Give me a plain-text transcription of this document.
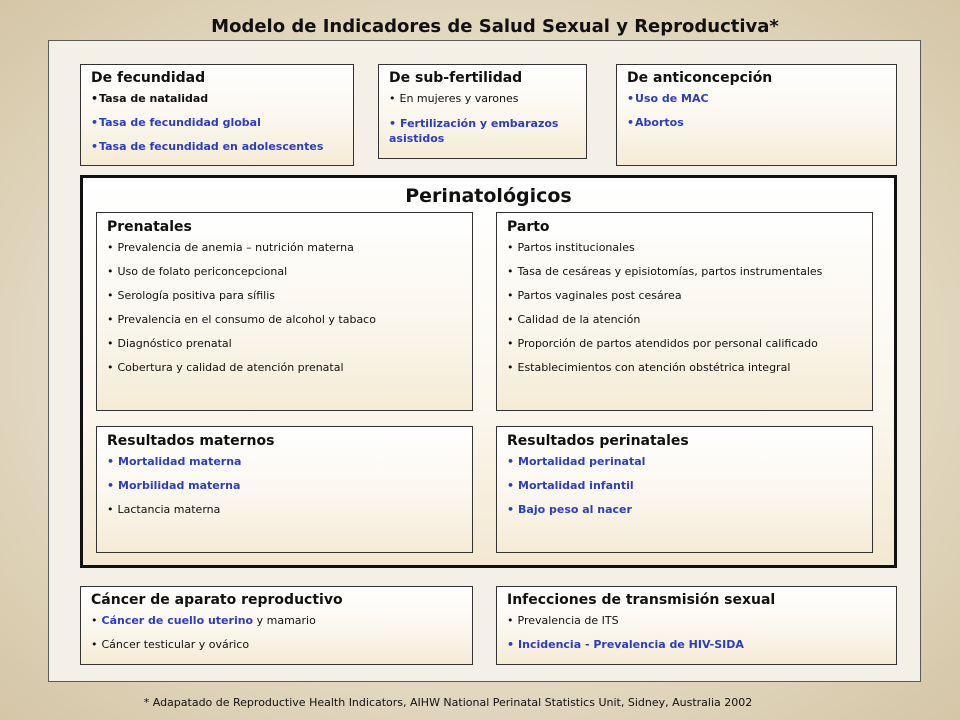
Modelo de Indicadores de Salud Sexual y Reproductiva*
De fecundidad
• Tasa de natalidad
• Tasa de fecundidad global
• Tasa de fecundidad en adolescentes
De sub-fertilidad
• En mujeres y varones
• Fertilización y embarazos asistidos
De anticoncepción
• Uso de MAC
• Abortos
Perinatológicos
Prenatales
• Prevalencia de anemia – nutrición materna
• Uso de folato periconcepcional
• Serología positiva para sífilis
• Prevalencia en el consumo de alcohol y tabaco
• Diagnóstico prenatal
• Cobertura y calidad de atención prenatal
Parto
• Partos institucionales
• Tasa de cesáreas y episiotomías, partos instrumentales
• Partos vaginales post cesárea
• Calidad de la atención
• Proporción de partos atendidos por personal calificado
• Establecimientos con atención obstétrica integral
Resultados maternos
• Mortalidad materna
• Morbilidad materna
• Lactancia materna
Resultados perinatales
• Mortalidad perinatal
• Mortalidad infantil
• Bajo peso al nacer
Cáncer de aparato reproductivo
• Cáncer de cuello uterino y mamario
• Cáncer testicular y ovárico
Infecciones de transmisión sexual
• Prevalencia de ITS
• Incidencia - Prevalencia de HIV-SIDA
* Adapatado de Reproductive Health Indicators, AIHW National Perinatal Statistics Unit, Sidney, Australia 2002
